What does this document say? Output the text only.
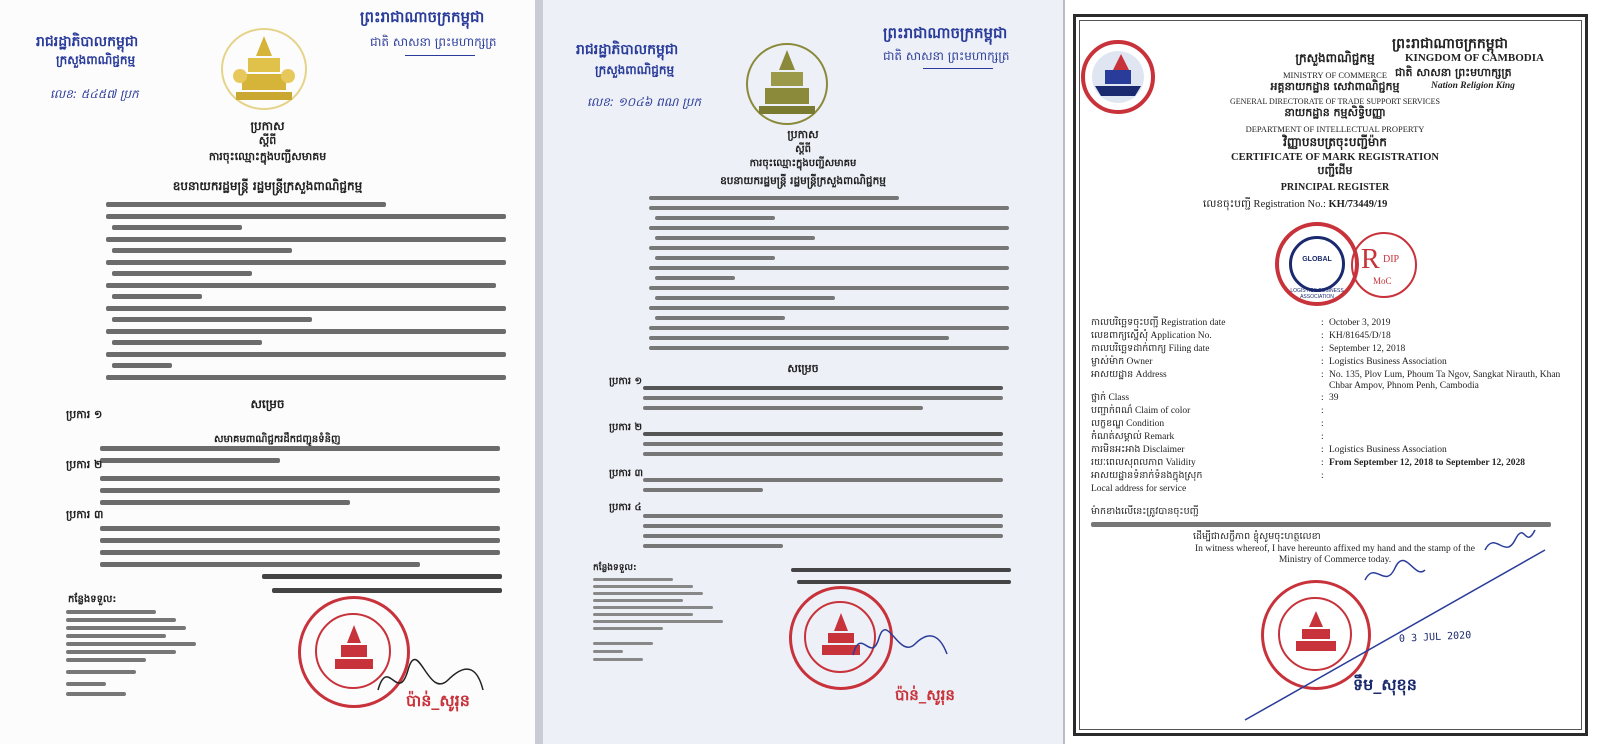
រាជរដ្ឋាភិបាលកម្ពុជា
ក្រសួងពាណិជ្ជកម្ម
លេខ: ៥៤៥៧ ប្រក
ព្រះរាជាណាចក្រកម្ពុជា
ជាតិ សាសនា ព្រះមហាក្សត្រ
ប្រកាស
ស្តីពី
ការចុះឈ្មោះក្នុងបញ្ជីសមាគម
ឧបនាយករដ្ឋមន្ត្រី រដ្ឋមន្ត្រីក្រសួងពាណិជ្ជកម្ម
សម្រេច
ប្រការ ១
សមាគមពាណិជ្ជករដឹកជញ្ជូនទំនិញ
ប្រការ ២
ប្រការ ៣
កន្លែងទទួល:
ប៉ាន់_សូរុន
រាជរដ្ឋាភិបាលកម្ពុជា
ក្រសួងពាណិជ្ជកម្ម
លេខ: ១០៤៦ ពណ ប្រក
ព្រះរាជាណាចក្រកម្ពុជា
ជាតិ សាសនា ព្រះមហាក្សត្រ
ប្រកាស
ស្តីពី
ការចុះឈ្មោះក្នុងបញ្ជីសមាគម
ឧបនាយករដ្ឋមន្ត្រី រដ្ឋមន្ត្រីក្រសួងពាណិជ្ជកម្ម
សម្រេច
ប្រការ ១
ប្រការ ២
ប្រការ ៣
ប្រការ ៤
កន្លែងទទួល:
ប៉ាន់_សូរុន
ព្រះរាជាណាចក្រកម្ពុជា
KINGDOM OF CAMBODIA
ជាតិ សាសនា ព្រះមហាក្សត្រ
Nation Religion King
ក្រសួងពាណិជ្ជកម្ម
MINISTRY OF COMMERCE
អគ្គនាយកដ្ឋាន សេវាពាណិជ្ជកម្ម
GENERAL DIRECTORATE OF TRADE SUPPORT SERVICES
នាយកដ្ឋាន កម្មសិទ្ធិបញ្ញា
DEPARTMENT OF INTELLECTUAL PROPERTY
វិញ្ញាបនបត្រចុះបញ្ជីម៉ាក
CERTIFICATE OF MARK REGISTRATION
បញ្ជីដើម
PRINCIPAL REGISTER
លេខចុះបញ្ជី Registration No.: KH/73449/19
GLOBAL
LOGISTICS BUSINESS ASSOCIATION
R DIP
MoC
កាលបរិច្ឆេទចុះបញ្ជី Registration date	: October 3, 2019
លេខពាក្យស្នើសុំ Application No.	: KH/81645/D/18
កាលបរិច្ឆេទដាក់ពាក្យ Filing date	: September 12, 2018
ម្ចាស់ម៉ាក Owner	: Logistics Business Association
អាសយដ្ឋាន Address	: No. 135, Plov Lum, Phoum Ta Ngov, Sangkat Nirauth, Khan Chbar Ampov, Phnom Penh, Cambodia
ថ្នាក់ Class	: 39
បញ្ជាក់ពណ៌ Claim of color	:
លក្ខខណ្ឌ Condition	:
កំណត់សម្គាល់ Remark	:
ការមិនអះអាង Disclaimer	: Logistics Business Association
រយៈពេលសុពលភាព Validity	: From September 12, 2018 to September 12, 2028
អាសយដ្ឋានទំនាក់ទំនងក្នុងស្រុក	:
Local address for service
ម៉ាកខាងលើនេះត្រូវបានចុះបញ្ជី
ដើម្បីជាសក្ខីភាព ខ្ញុំសូមចុះហត្ថលេខា
In witness whereof, I have hereunto affixed my hand and the stamp of the Ministry of Commerce today.
0 3 JUL 2020
ទឹម_សុខុន
